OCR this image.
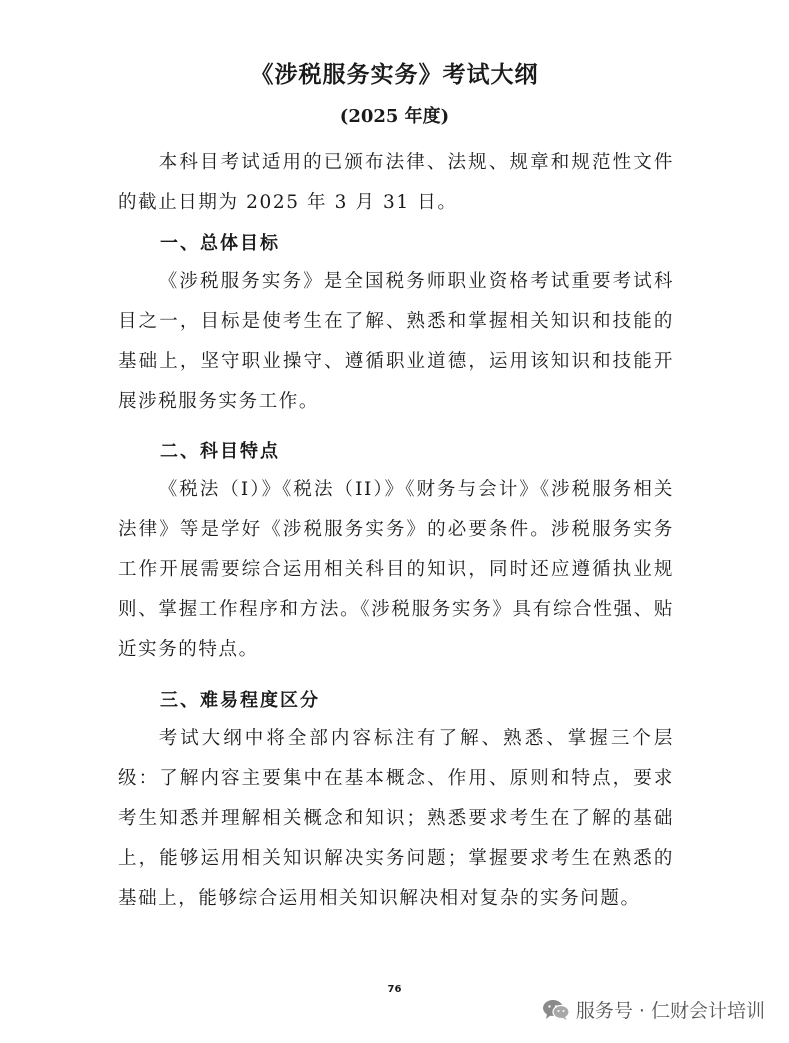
《涉税服务实务》考试大纲
(2025 年度)
本科目考试适用的已颁布法律、法规、规章和规范性文件的截止日期为 2025 年 3 月 31 日。
一、总体目标
《涉税服务实务》是全国税务师职业资格考试重要考试科目之一，目标是使考生在了解、熟悉和掌握相关知识和技能的基础上，坚守职业操守、遵循职业道德，运用该知识和技能开展涉税服务实务工作。
二、科目特点
《税法（Ⅰ）》《税法（II）》《财务与会计》《涉税服务相关法律》等是学好《涉税服务实务》的必要条件。涉税服务实务工作开展需要综合运用相关科目的知识，同时还应遵循执业规则、掌握工作程序和方法。《涉税服务实务》具有综合性强、贴近实务的特点。
三、难易程度区分
考试大纲中将全部内容标注有了解、熟悉、掌握三个层级：了解内容主要集中在基本概念、作用、原则和特点，要求考生知悉并理解相关概念和知识；熟悉要求考生在了解的基础上，能够运用相关知识解决实务问题；掌握要求考生在熟悉的基础上，能够综合运用相关知识解决相对复杂的实务问题。
76
服务号 · 仁财会计培训
